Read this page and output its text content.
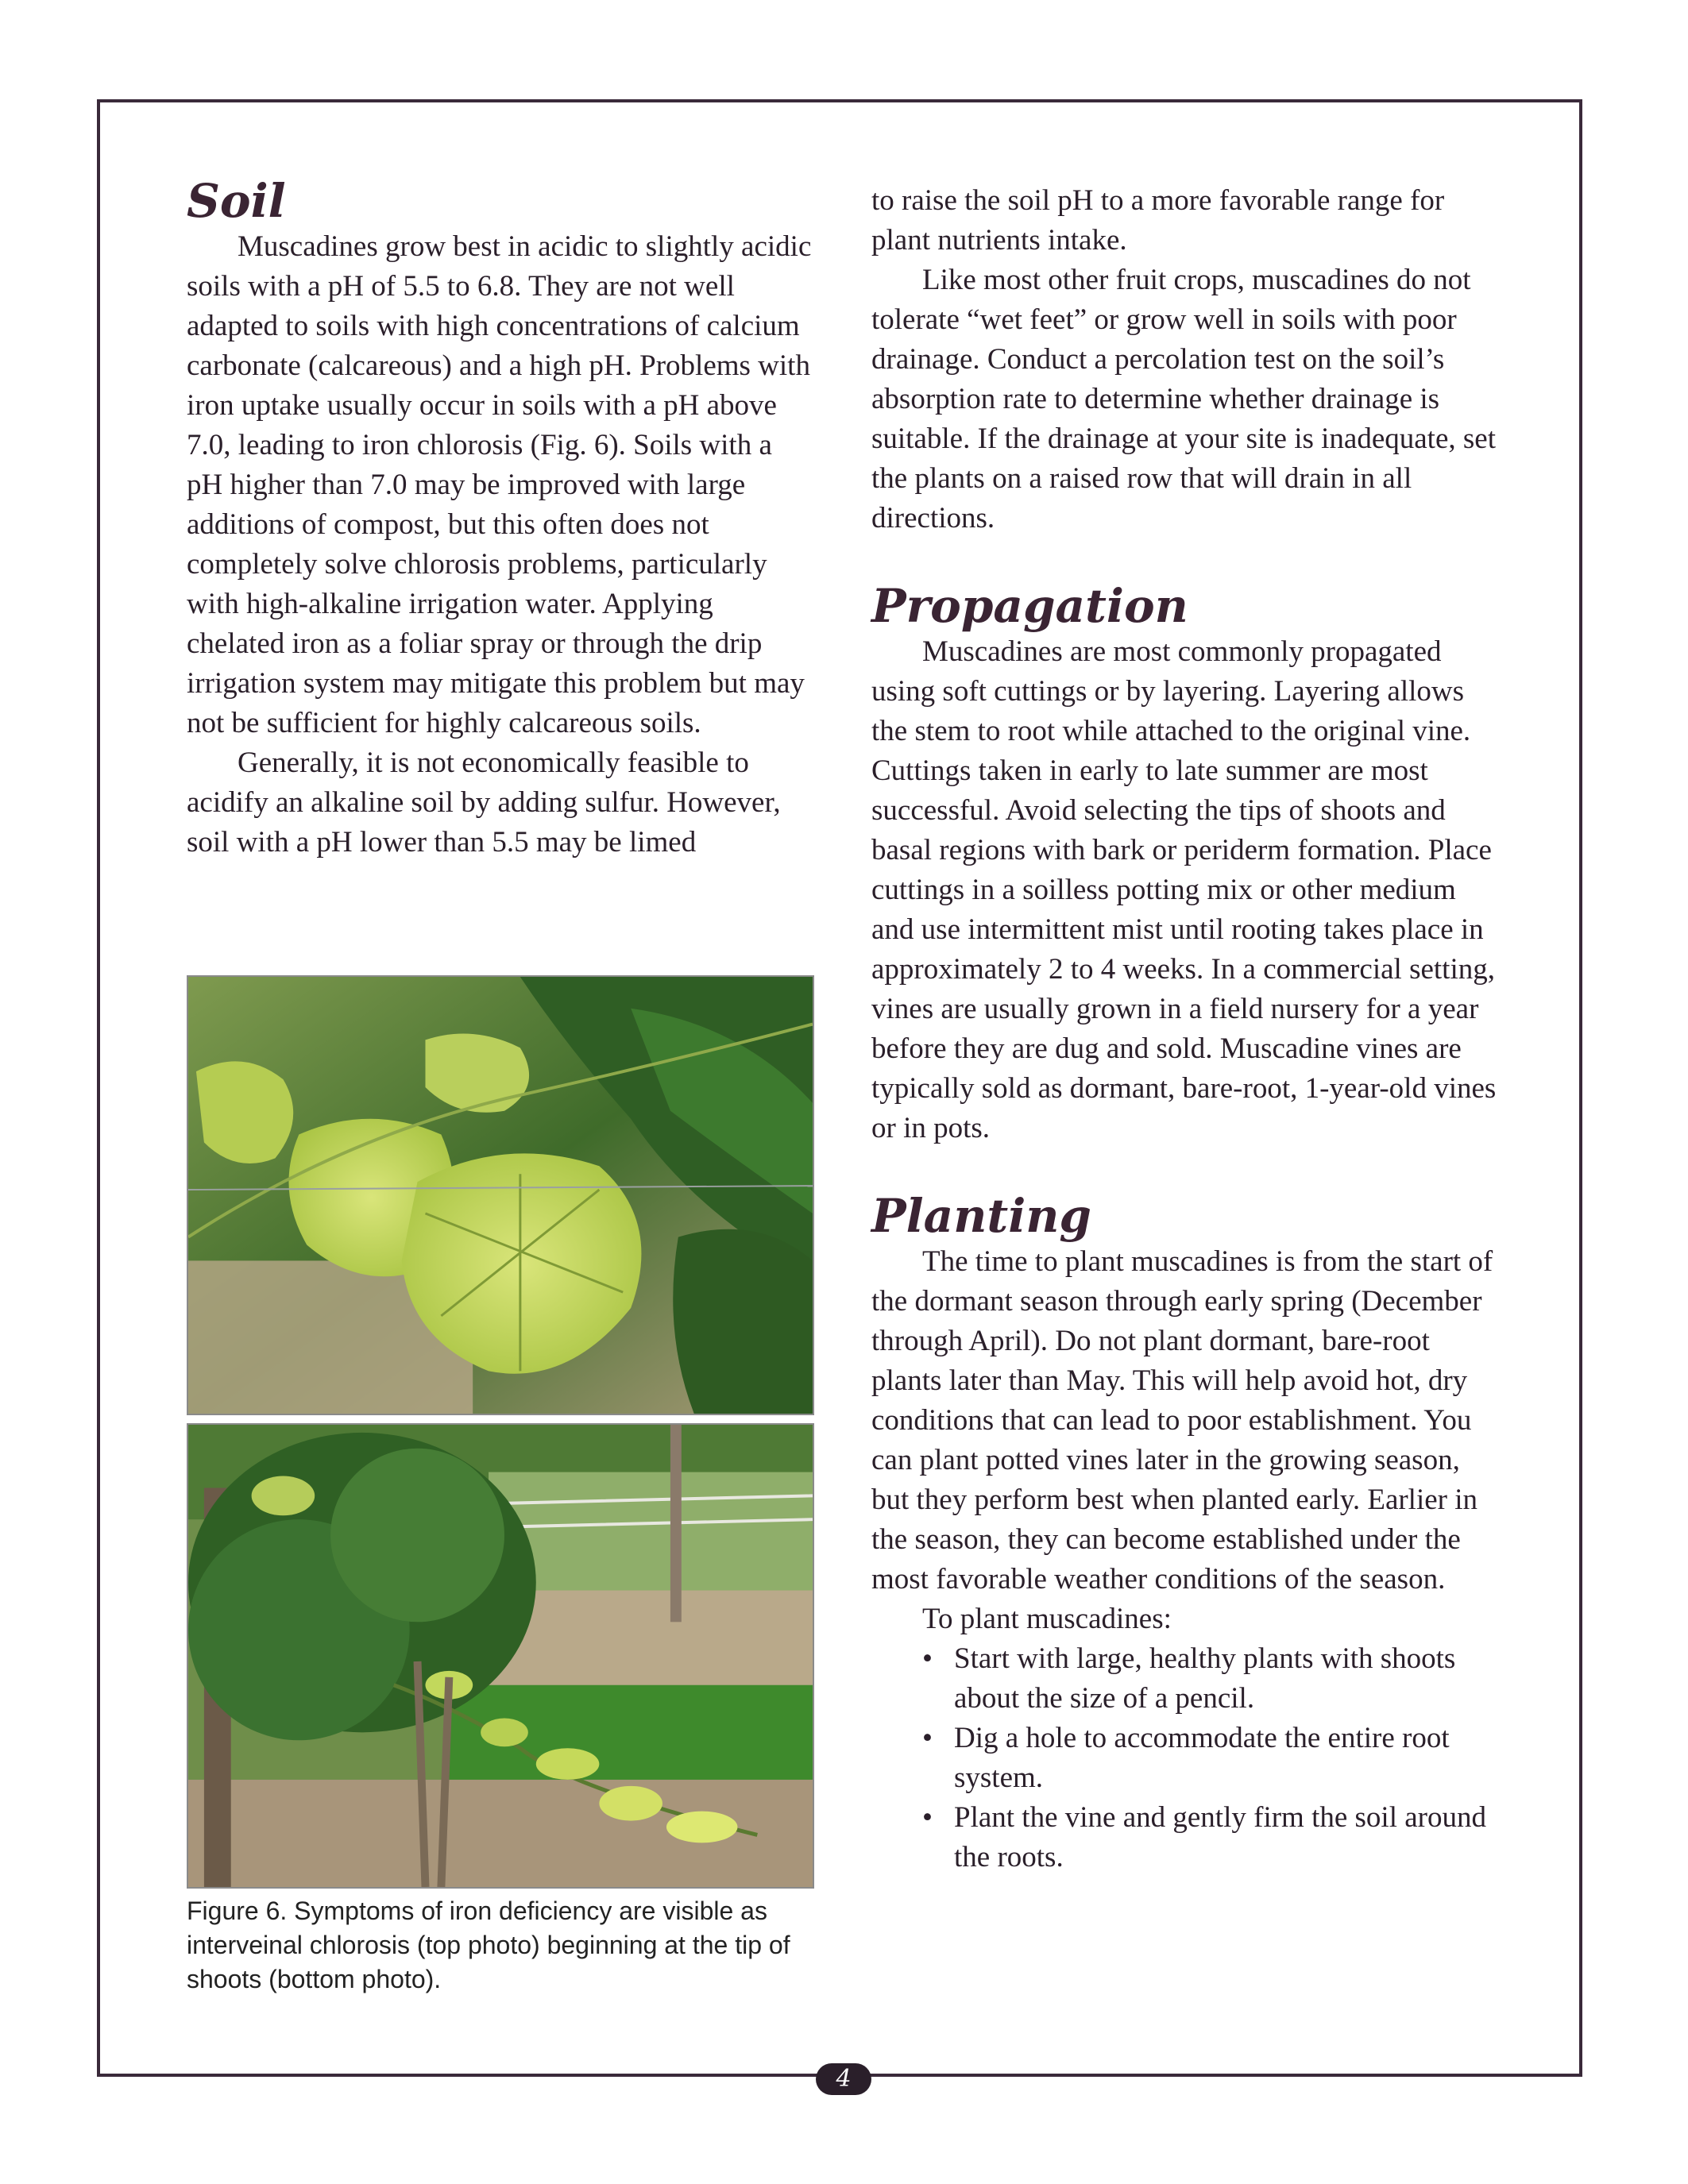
Soil

Muscadines grow best in acidic to slightly acidic soils with a pH of 5.5 to 6.8. They are not well adapted to soils with high concentrations of calcium carbonate (calcareous) and a high pH. Problems with iron uptake usually occur in soils with a pH above 7.0, leading to iron chlorosis (Fig. 6). Soils with a pH higher than 7.0 may be improved with large additions of compost, but this often does not completely solve chlorosis problems, particularly with high-alkaline irrigation water. Applying chelated iron as a foliar spray or through the drip irrigation system may mitigate this problem but may not be sufficient for highly calcareous soils.

Generally, it is not economically feasible to acidify an alkaline soil by adding sulfur. However, soil with a pH lower than 5.5 may be limed

Figure 6. Symptoms of iron deficiency are visible as interveinal chlorosis (top photo) beginning at the tip of shoots (bottom photo).

to raise the soil pH to a more favorable range for plant nutrients intake.

Like most other fruit crops, muscadines do not tolerate “wet feet” or grow well in soils with poor drainage. Conduct a percolation test on the soil’s absorption rate to determine whether drainage is suitable. If the drainage at your site is inadequate, set the plants on a raised row that will drain in all directions.

Propagation

Muscadines are most commonly propagated using soft cuttings or by layering. Layering allows the stem to root while attached to the original vine. Cuttings taken in early to late summer are most successful. Avoid selecting the tips of shoots and basal regions with bark or periderm formation. Place cuttings in a soilless potting mix or other medium and use intermittent mist until rooting takes place in approximately 2 to 4 weeks. In a commercial setting, vines are usually grown in a field nursery for a year before they are dug and sold. Muscadine vines are typically sold as dormant, bare-root, 1-year-old vines or in pots.

Planting

The time to plant muscadines is from the start of the dormant season through early spring (December through April). Do not plant dormant, bare-root plants later than May. This will help avoid hot, dry conditions that can lead to poor establishment. You can plant potted vines later in the growing season, but they perform best when planted early. Earlier in the season, they can become established under the most favorable weather conditions of the season.

To plant muscadines:

• Start with large, healthy plants with shoots about the size of a pencil.
• Dig a hole to accommodate the entire root system.
• Plant the vine and gently firm the soil around the roots.
4
